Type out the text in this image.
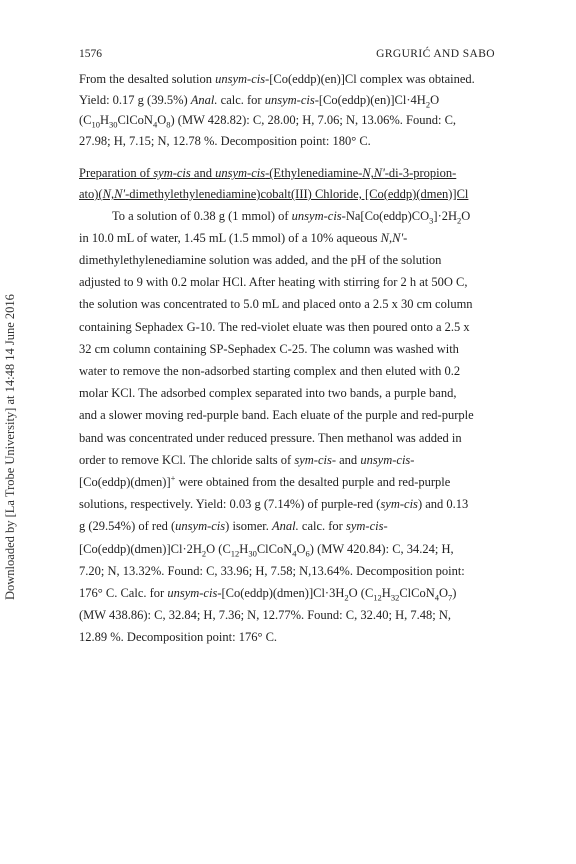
Downloaded by [La Trobe University] at 14:48 14 June 2016
1576	GRGURIĆ AND SABO

From the desalted solution unsym-cis-[Co(eddp)(en)]Cl complex was obtained.
Yield: 0.17 g (39.5%) Anal. calc. for unsym-$cis-[Co(eddp)(en)]Cl\cdot 4H_2O$
$(C_{10}H_{30}ClCoN_4O_8)$ (MW 428.82): C, 28.00; H, 7.06; N, 13.06%. Found: C,
27.98; H, 7.15; N, 12.78 %. Decomposition point: 180° C.

Preparation of sym-cis and unsym-cis-(Ethylenediamine-N,N'-di-3-propion-
ato)(N,N'-dimethylethylenediamine)cobalt(III) Chloride, [Co(eddp)(dmen)]Cl

To a solution of 0.38 g (1 mmol) of unsym-$cis-Na[Co(eddp)CO_3]\cdot 2H_2O$
in 10.0 mL of water, 1.45 mL (1.5 mmol) of a 10% aqueous N,N'-
dimethylethylenediamine solution was added, and the pH of the solution
adjusted to 9 with 0.2 molar HCl. After heating with stirring for 2 h at 50O C,
the solution was concentrated to 5.0 mL and placed onto a 2.5 x 30 cm column
containing Sephadex G-10. The red-violet eluate was then poured onto a 2.5 x
32 cm column containing SP-Sephadex C-25. The column was washed with
water to remove the non-adsorbed starting complex and then eluted with 0.2
molar KCl. The adsorbed complex separated into two bands, a purple band,
and a slower moving red-purple band. Each eluate of the purple and red-purple
band was concentrated under reduced pressure. Then methanol was added in
order to remove KCl. The chloride salts of sym-cis- and unsym-cis-
[Co(eddp)(dmen)]+ were obtained from the desalted purple and red-purple
solutions, respectively. Yield: 0.03 g (7.14%) of purple-red (sym-cis) and 0.13
g (29.54%) of red (unsym-cis) isomer. Anal. calc. for sym-cis-
$[Co(eddp)(dmen)]Cl\cdot 2H_2O$ $(C_{12}H_{30}ClCoN_4O_6)$ (MW 420.84): C, 34.24; H,
7.20; N, 13.32%. Found: C, 33.96; H, 7.58; N,13.64%. Decomposition point:
176° C. Calc. for unsym-$cis-[Co(eddp)(dmen)]Cl\cdot 3H_2O$ $(C_{12}H_{32}ClCoN_4O_7)$
(MW 438.86): C, 32.84; H, 7.36; N, 12.77%. Found: C, 32.40; H, 7.48; N,
12.89 %. Decomposition point: 176° C.
